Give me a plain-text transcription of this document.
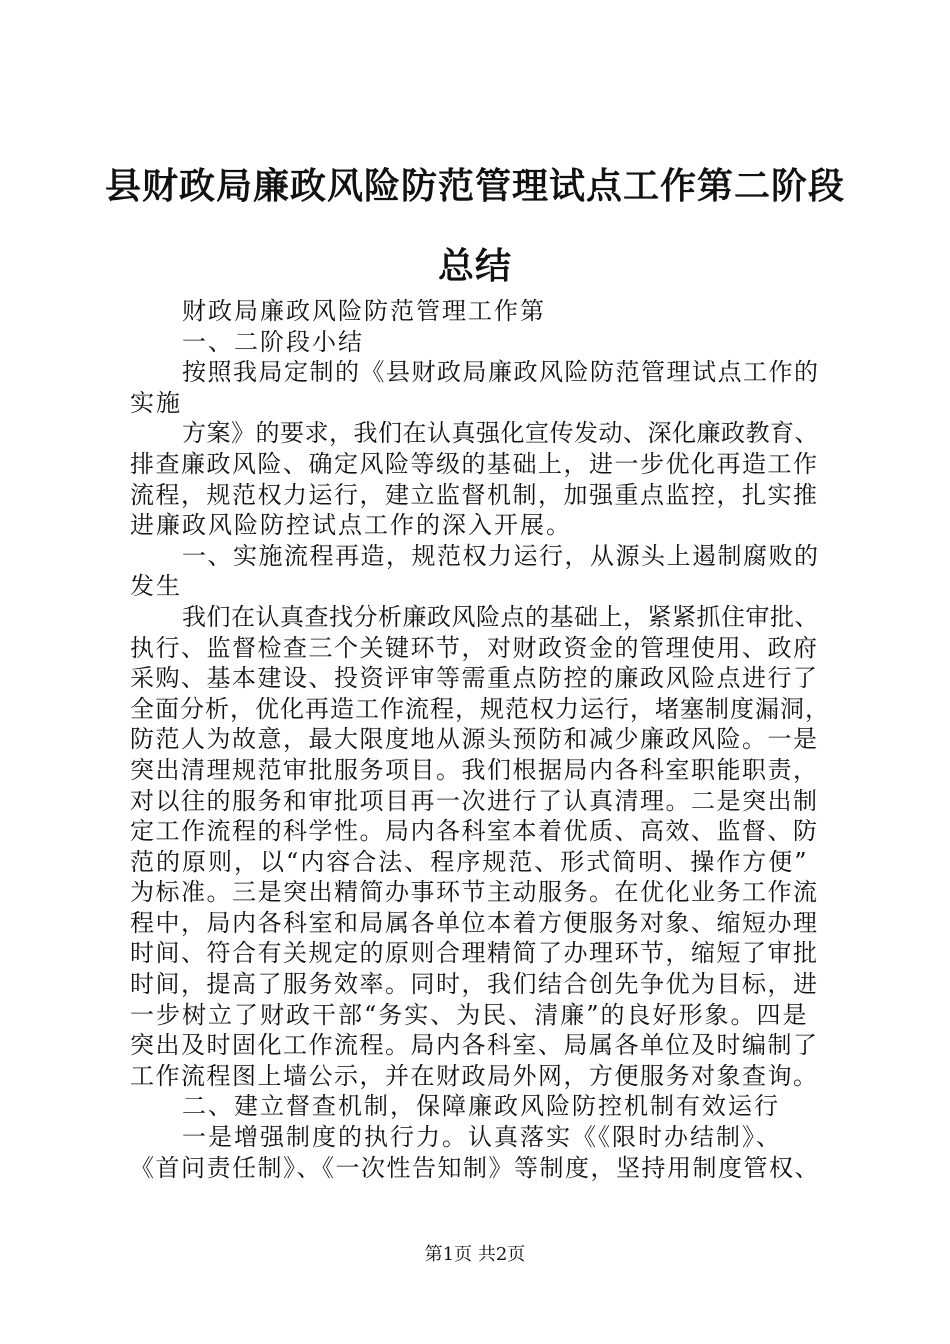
县财政局廉政风险防范管理试点工作第二阶段
总结

财政局廉政风险防范管理工作第

一、二阶段小结

按照我局定制的《县财政局廉政风险防范管理试点工作的

实施

方案》的要求，我们在认真强化宣传发动、深化廉政教育、

排查廉政风险、确定风险等级的基础上，进一步优化再造工作

流程，规范权力运行，建立监督机制，加强重点监控，扎实推

进廉政风险防控试点工作的深入开展。

一、实施流程再造，规范权力运行，从源头上遏制腐败的

发生

我们在认真查找分析廉政风险点的基础上，紧紧抓住审批、

执行、监督检查三个关键环节，对财政资金的管理使用、政府

采购、基本建设、投资评审等需重点防控的廉政风险点进行了

全面分析，优化再造工作流程，规范权力运行，堵塞制度漏洞，

防范人为故意，最大限度地从源头预防和减少廉政风险。一是

突出清理规范审批服务项目。我们根据局内各科室职能职责，

对以往的服务和审批项目再一次进行了认真清理。二是突出制

定工作流程的科学性。局内各科室本着优质、高效、监督、防

范的原则，以“内容合法、程序规范、形式简明、操作方便”

为标准。三是突出精简办事环节主动服务。在优化业务工作流

程中，局内各科室和局属各单位本着方便服务对象、缩短办理

时间、符合有关规定的原则合理精简了办理环节，缩短了审批

时间，提高了服务效率。同时，我们结合创先争优为目标，进

一步树立了财政干部“务实、为民、清廉”的良好形象。四是

突出及时固化工作流程。局内各科室、局属各单位及时编制了

工作流程图上墙公示，并在财政局外网，方便服务对象查询。

二、建立督查机制，保障廉政风险防控机制有效运行

一是增强制度的执行力。认真落实《《限时办结制》、

《首问责任制》、《一次性告知制》等制度，坚持用制度管权、

第1页 共2页
